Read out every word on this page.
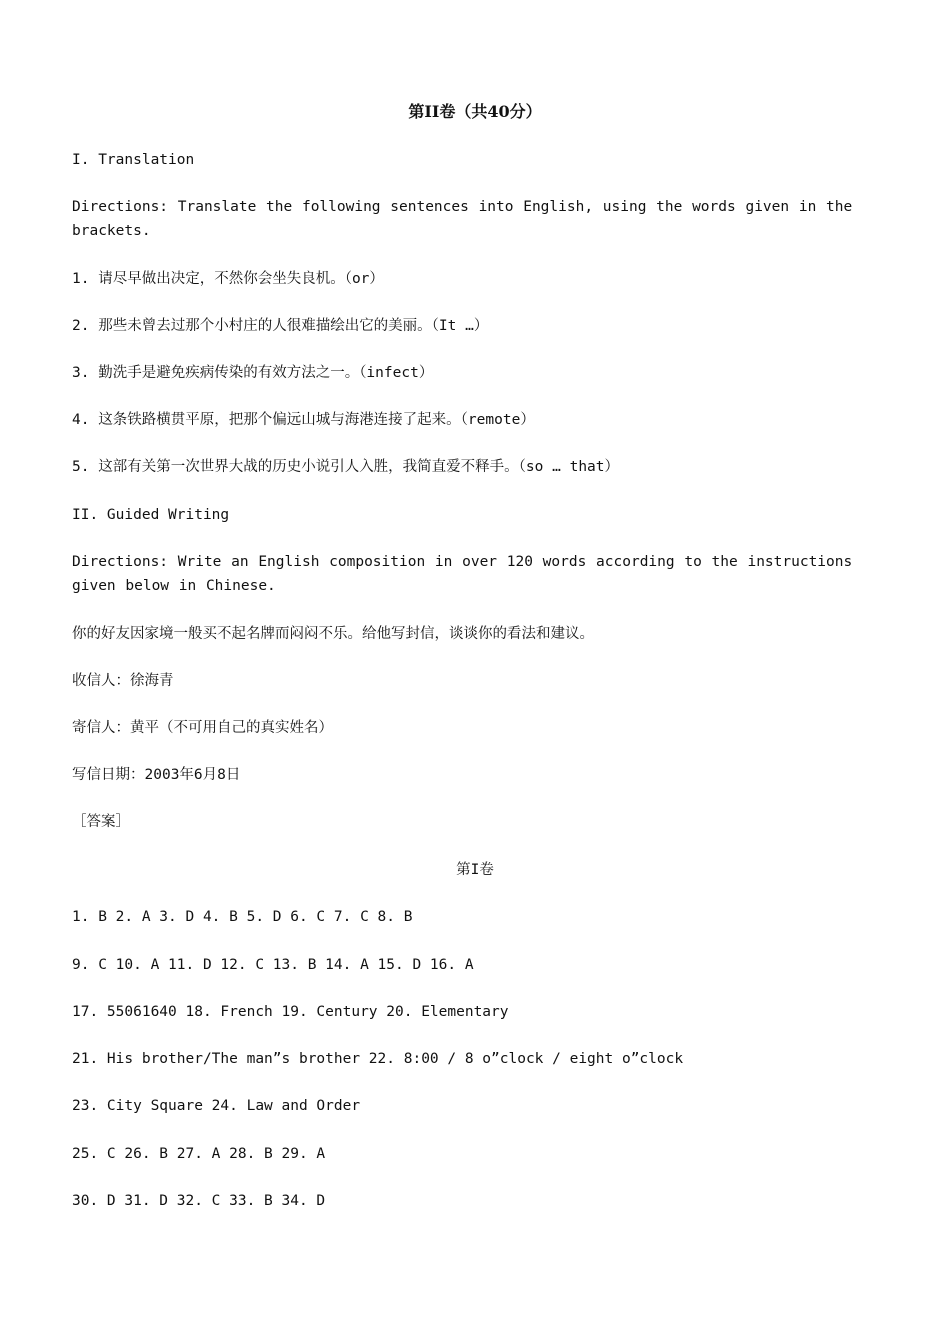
第II卷（共40分）
I. Translation
Directions: Translate the following sentences into English, using the words given in the brackets.
1. 请尽早做出决定，不然你会坐失良机。（or）
2. 那些未曾去过那个小村庄的人很难描绘出它的美丽。（It …）
3. 勤洗手是避免疾病传染的有效方法之一。（infect）
4. 这条铁路横贯平原，把那个偏远山城与海港连接了起来。（remote）
5. 这部有关第一次世界大战的历史小说引人入胜，我简直爱不释手。（so … that）
II. Guided Writing
Directions: Write an English composition in over 120 words according to the instructions given below in Chinese.
你的好友因家境一般买不起名牌而闷闷不乐。给他写封信，谈谈你的看法和建议。
收信人：徐海青
寄信人：黄平（不可用自己的真实姓名）
写信日期：2003年6月8日
［答案］
第I卷
1. B 2. A 3. D 4. B 5. D 6. C 7. C 8. B
9. C 10. A 11. D 12. C 13. B 14. A 15. D 16. A
17. 55061640 18. French 19. Century 20. Elementary
21. His brother/The man”s brother 22. 8:00 / 8 o”clock / eight o”clock
23. City Square 24. Law and Order
25. C 26. B 27. A 28. B 29. A
30. D 31. D 32. C 33. B 34. D
